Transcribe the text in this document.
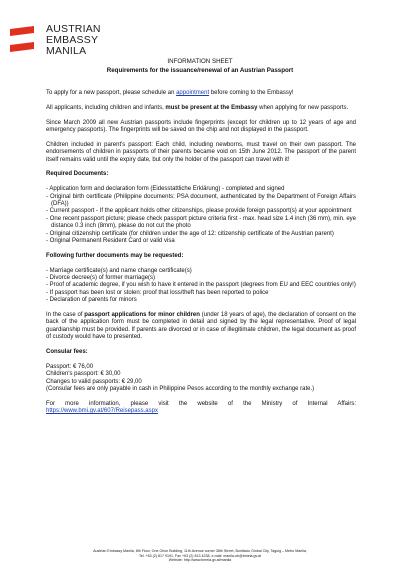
AUSTRIAN
EMBASSY
MANILA
INFORMATION SHEET
Requirements for the issuance/renewal of an Austrian Passport

To apply for a new passport, please schedule an appointment before coming to the Embassy!

All applicants, including children and infants, must be present at the Embassy when applying for new passports.

Since March 2009 all new Austrian passports include fingerprints (except for children up to 12 years of age and emergency passports). The fingerprints will be saved on the chip and not displayed in the passport.

Children included in parent's passport: Each child, including newborns, must travel on their own passport. The endorsements of children in passports of their parents became void on 15th June 2012. The passport of the parent itself remains valid until the expiry date, but only the holder of the passport can travel with it!

Required Documents:

- Application form and declaration form (Eidesstattliche Erklärung) - completed and signed
- Original birth certificate (Philippine documents: PSA document, authenticated by the Department of Foreign Affairs (DFA))
- Current passport - If the applicant holds other citizenships, please provide foreign passport(s) at your appointment
- One recent passport picture; please check passport picture criteria first - max. head size 1.4 inch (36 mm), min. eye distance 0.3 inch (8mm), please do not cut the photo
- Original citizenship certificate (for children under the age of 12: citizenship certificate of the Austrian parent)
- Original Permanent Resident Card or valid visa

Following further documents may be requested:

- Marriage certificate(s) and name change certificate(s)
- Divorce decree(s) of former marriage(s)
- Proof of academic degree, if you wish to have it entered in the passport (degrees from EU and EEC countries only!)
- If passport has been lost or stolen: proof that loss/theft has been reported to police
- Declaration of parents for minors

In the case of passport applications for minor children (under 18 years of age), the declaration of consent on the back of the application form must be completed in detail and signed by the legal representative. Proof of legal guardianship must be provided. If parents are divorced or in case of illegitimate children, the legal document as proof of custody would have to presented.

Consular fees:

Passport: € 76,00
Children's passport: € 30,00
Changes to valid passports: € 29,00
(Consular fees are only payable in cash in Philippine Pesos according to the monthly exchange rate.)

For more information, please visit the website of the Ministry of Internal Affairs: https://www.bmi.gv.at/607/Reisepass.aspx

Austrian Embassy Manila, 8th Floor, One Orion Building, 11th Avenue corner 38th Street, Bonifacio Global City, Taguig – Metro Manila,
Tel. +63 (2) 817 9191, Fax +63 (2) 813 4238, e-mail: manila-ob@bmeia.gv.at
Website: http://www.bmeia.gv.at/manila
